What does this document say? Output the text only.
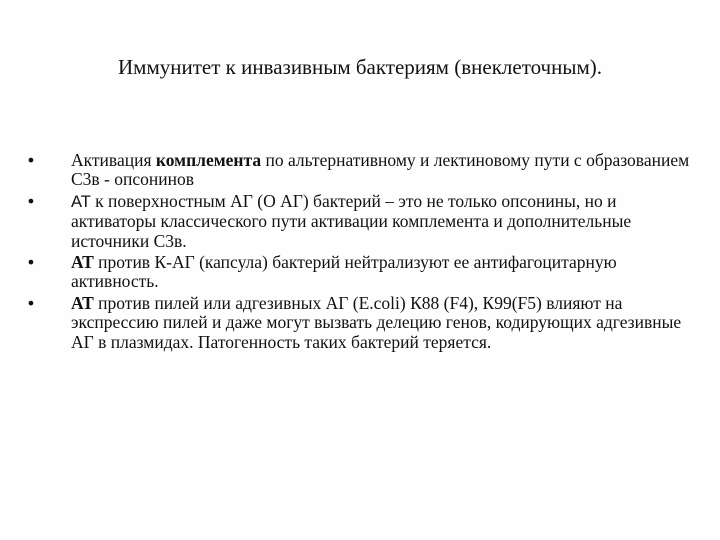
Иммунитет к инвазивным бактериям (внеклеточным).
• Активация комплемента по альтернативному и лектиновому пути с образованием С3в - опсонинов
• АТ к поверхностным АГ (О АГ) бактерий – это не только опсонины, но и активаторы классического пути активации комплемента и дополнительные источники С3в.
• АТ против К-АГ (капсула) бактерий нейтрализуют ее антифагоцитарную активность.
• АТ против пилей или адгезивных АГ (E.coli) К88 (F4), К99(F5) влияют на экспрессию пилей и даже могут вызвать делецию генов, кодирующих адгезивные АГ в плазмидах. Патогенность таких бактерий теряется.
